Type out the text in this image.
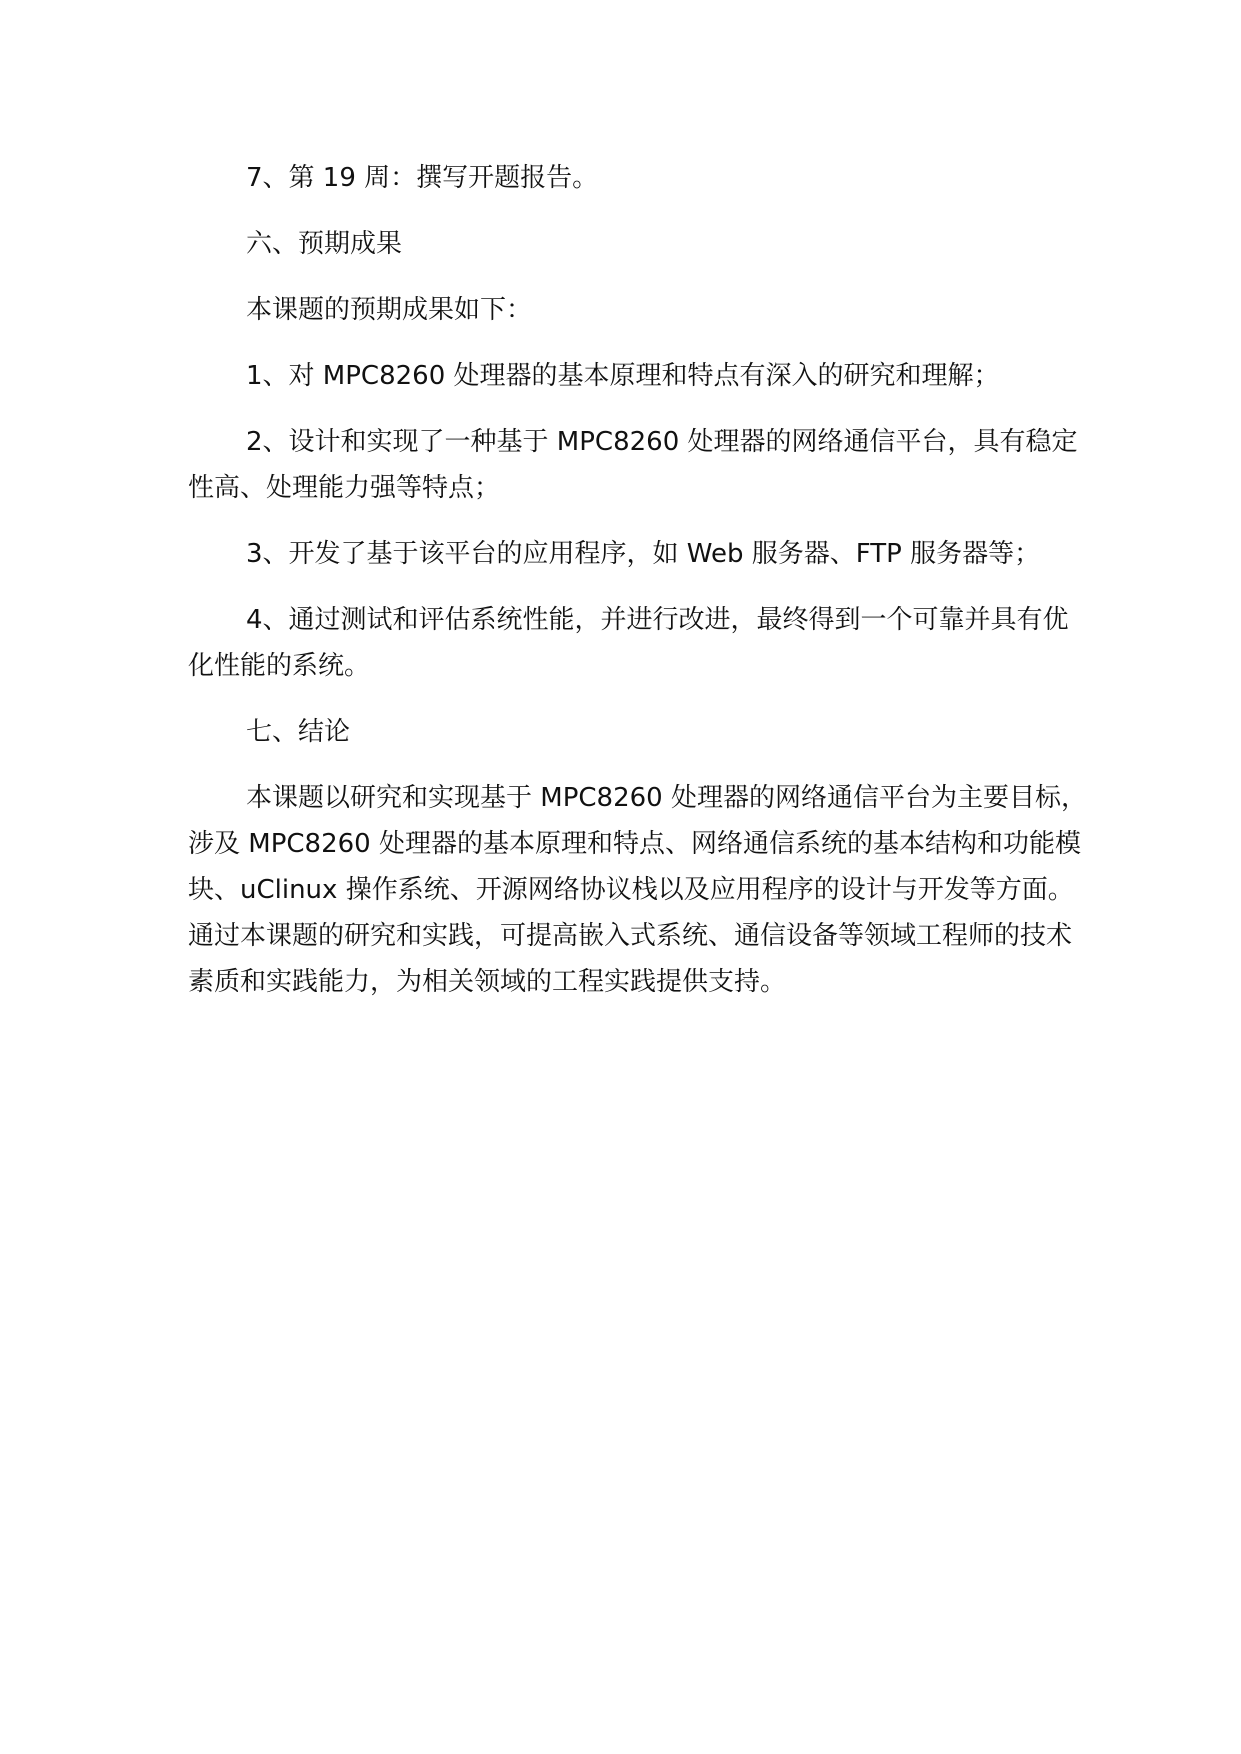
7、第 19 周：撰写开题报告。

六、预期成果

本课题的预期成果如下：

1、对 MPC8260 处理器的基本原理和特点有深入的研究和理解；

2、设计和实现了一种基于 MPC8260 处理器的网络通信平台，具有稳定性高、处理能力强等特点；

3、开发了基于该平台的应用程序，如 Web 服务器、FTP 服务器等；

4、通过测试和评估系统性能，并进行改进，最终得到一个可靠并具有优化性能的系统。

七、结论

本课题以研究和实现基于 MPC8260 处理器的网络通信平台为主要目标，涉及 MPC8260 处理器的基本原理和特点、网络通信系统的基本结构和功能模块、uClinux 操作系统、开源网络协议栈以及应用程序的设计与开发等方面。通过本课题的研究和实践，可提高嵌入式系统、通信设备等领域工程师的技术素质和实践能力，为相关领域的工程实践提供支持。
